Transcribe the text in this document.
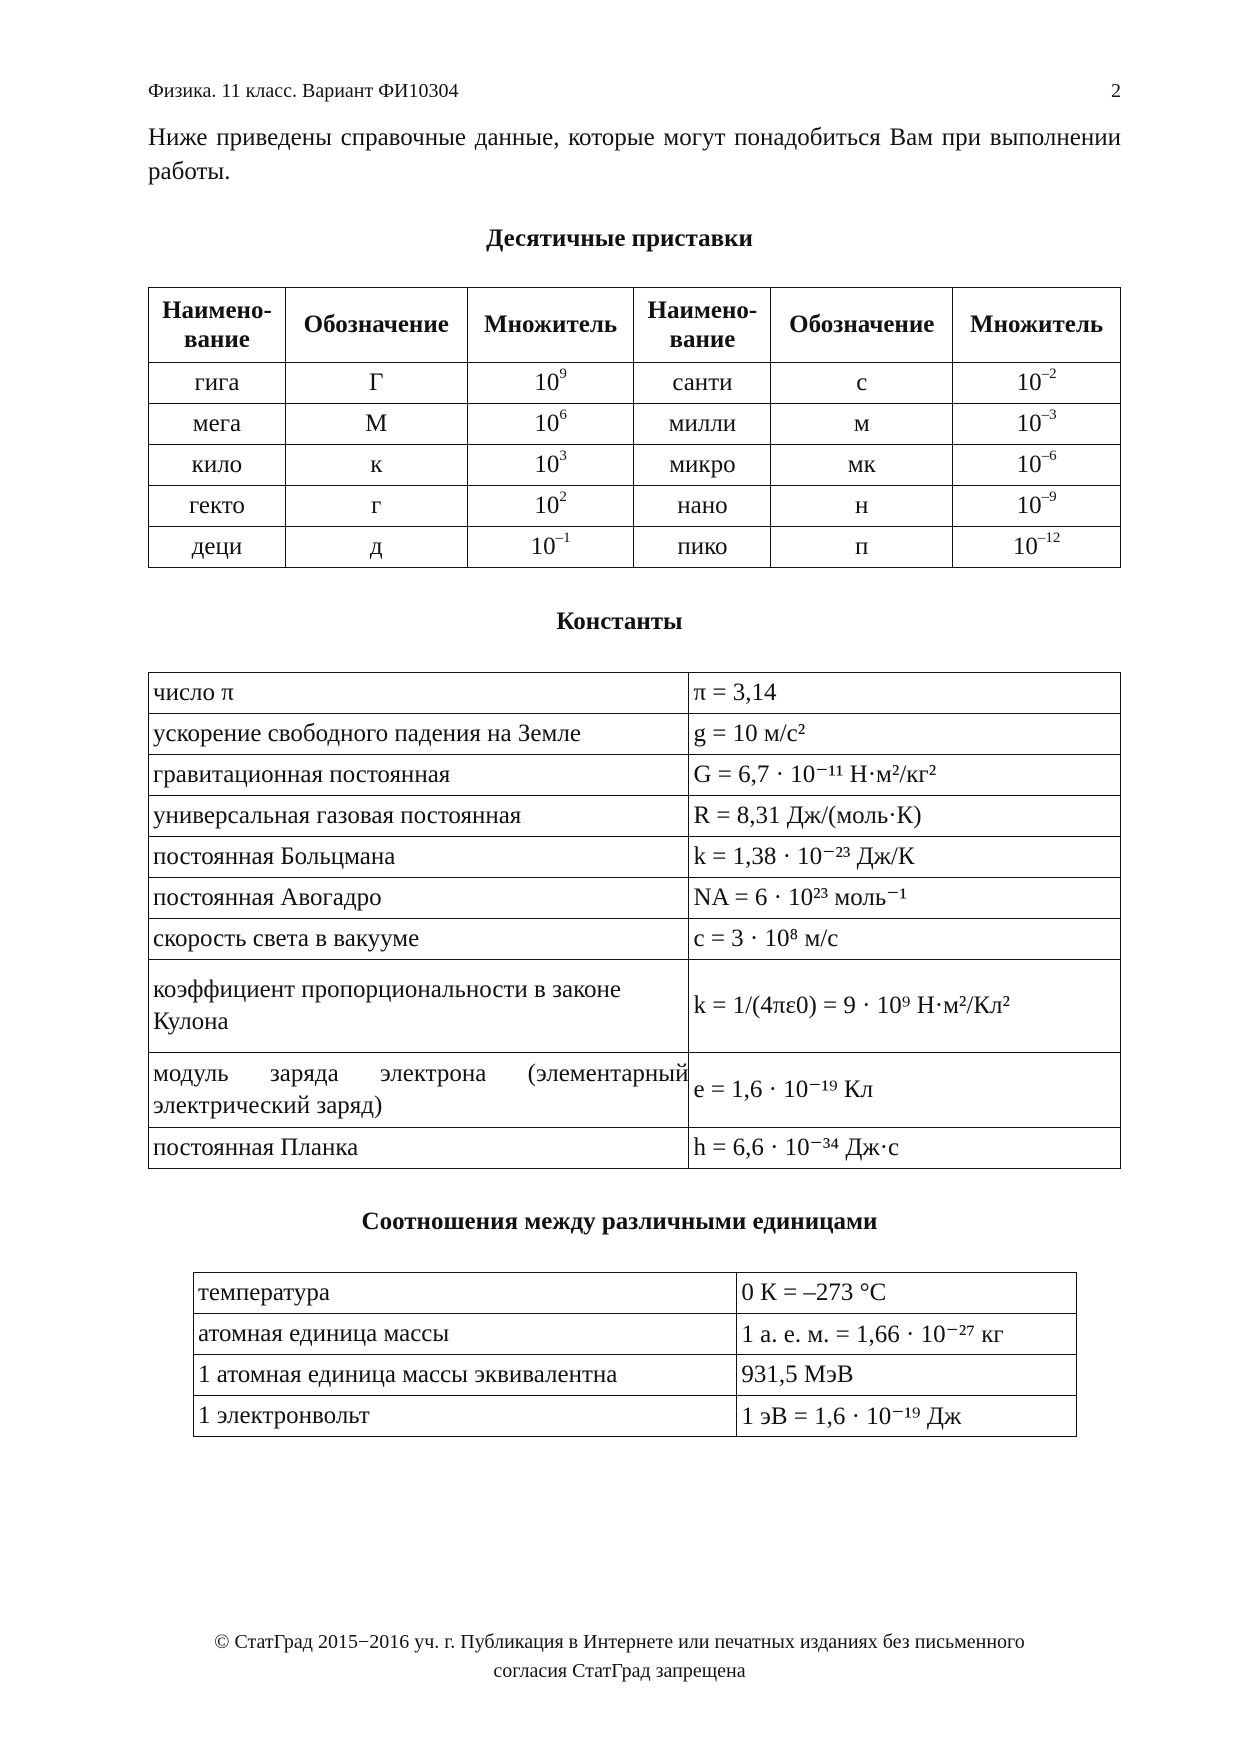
Физика. 11 класс. Вариант ФИ10304	2
Ниже приведены справочные данные, которые могут понадобиться Вам при выполнении работы.
Десятичные приставки
Наимено-вание	Обозначение	Множитель	Наимено-вание	Обозначение	Множитель
гига	Г	$10^9$	санти	с	$10^{-2}$
мега	М	$10^6$	милли	м	$10^{-3}$
кило	к	$10^3$	микро	мк	$10^{-6}$
гекто	г	$10^2$	нано	н	$10^{-9}$
деци	д	$10^{-1}$	пико	п	$10^{-12}$
Константы
число π	π = 3,14
ускорение свободного падения на Земле	g = 10 м/с²
гравитационная постоянная	G = 6,7 · 10⁻¹¹ Н·м²/кг²
универсальная газовая постоянная	R = 8,31 Дж/(моль·К)
постоянная Больцмана	k = 1,38 · 10⁻²³ Дж/К
постоянная Авогадро	NA = 6 · 10²³ моль⁻¹
скорость света в вакууме	c = 3 · 10⁸ м/с
коэффициент пропорциональности в законе Кулона	k = 1/(4πε0) = 9 · 10⁹ Н·м²/Кл²
модуль заряда электрона (элементарный электрический заряд)	e = 1,6 · 10⁻¹⁹ Кл
постоянная Планка	h = 6,6 · 10⁻³⁴ Дж·с
Соотношения между различными единицами
температура	0 К = –273 °С
атомная единица массы	1 а. е. м. = 1,66 · 10⁻²⁷ кг
1 атомная единица массы эквивалентна	931,5 МэВ
1 электронвольт	1 эВ = 1,6 · 10⁻¹⁹ Дж
© СтатГрад 2015−2016 уч. г. Публикация в Интернете или печатных изданиях без письменного
согласия СтатГрад запрещена
